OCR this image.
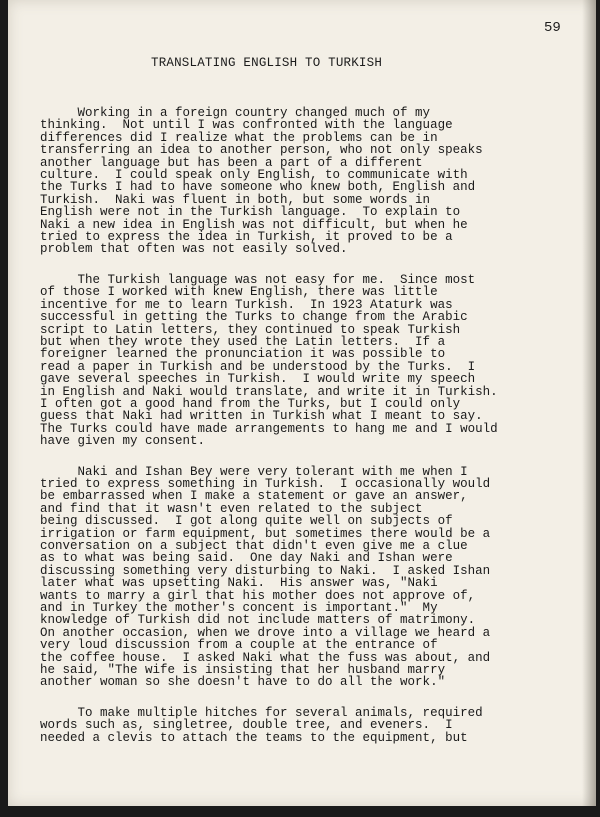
59
TRANSLATING ENGLISH TO TURKISH
Working in a foreign country changed much of my
thinking.  Not until I was confronted with the language
differences did I realize what the problems can be in
transferring an idea to another person, who not only speaks
another language but has been a part of a different
culture.  I could speak only English, to communicate with
the Turks I had to have someone who knew both, English and
Turkish.  Naki was fluent in both, but some words in
English were not in the Turkish language.  To explain to
Naki a new idea in English was not difficult, but when he
tried to express the idea in Turkish, it proved to be a
problem that often was not easily solved.
The Turkish language was not easy for me.  Since most
of those I worked with knew English, there was little
incentive for me to learn Turkish.  In 1923 Ataturk was
successful in getting the Turks to change from the Arabic
script to Latin letters, they continued to speak Turkish
but when they wrote they used the Latin letters.  If a
foreigner learned the pronunciation it was possible to
read a paper in Turkish and be understood by the Turks.  I
gave several speeches in Turkish.  I would write my speech
in English and Naki would translate, and write it in Turkish.
I often got a good hand from the Turks, but I could only
guess that Naki had written in Turkish what I meant to say.
The Turks could have made arrangements to hang me and I would
have given my consent.
Naki and Ishan Bey were very tolerant with me when I
tried to express something in Turkish.  I occasionally would
be embarrassed when I make a statement or gave an answer,
and find that it wasn't even related to the subject
being discussed.  I got along quite well on subjects of
irrigation or farm equipment, but sometimes there would be a
conversation on a subject that didn't even give me a clue
as to what was being said.  One day Naki and Ishan were
discussing something very disturbing to Naki.  I asked Ishan
later what was upsetting Naki.  His answer was, "Naki
wants to marry a girl that his mother does not approve of,
and in Turkey the mother's concent is important."  My
knowledge of Turkish did not include matters of matrimony.
On another occasion, when we drove into a village we heard a
very loud discussion from a couple at the entrance of
the coffee house.  I asked Naki what the fuss was about, and
he said, "The wife is insisting that her husband marry
another woman so she doesn't have to do all the work."
To make multiple hitches for several animals, required
words such as, singletree, double tree, and eveners.  I
needed a clevis to attach the teams to the equipment, but
